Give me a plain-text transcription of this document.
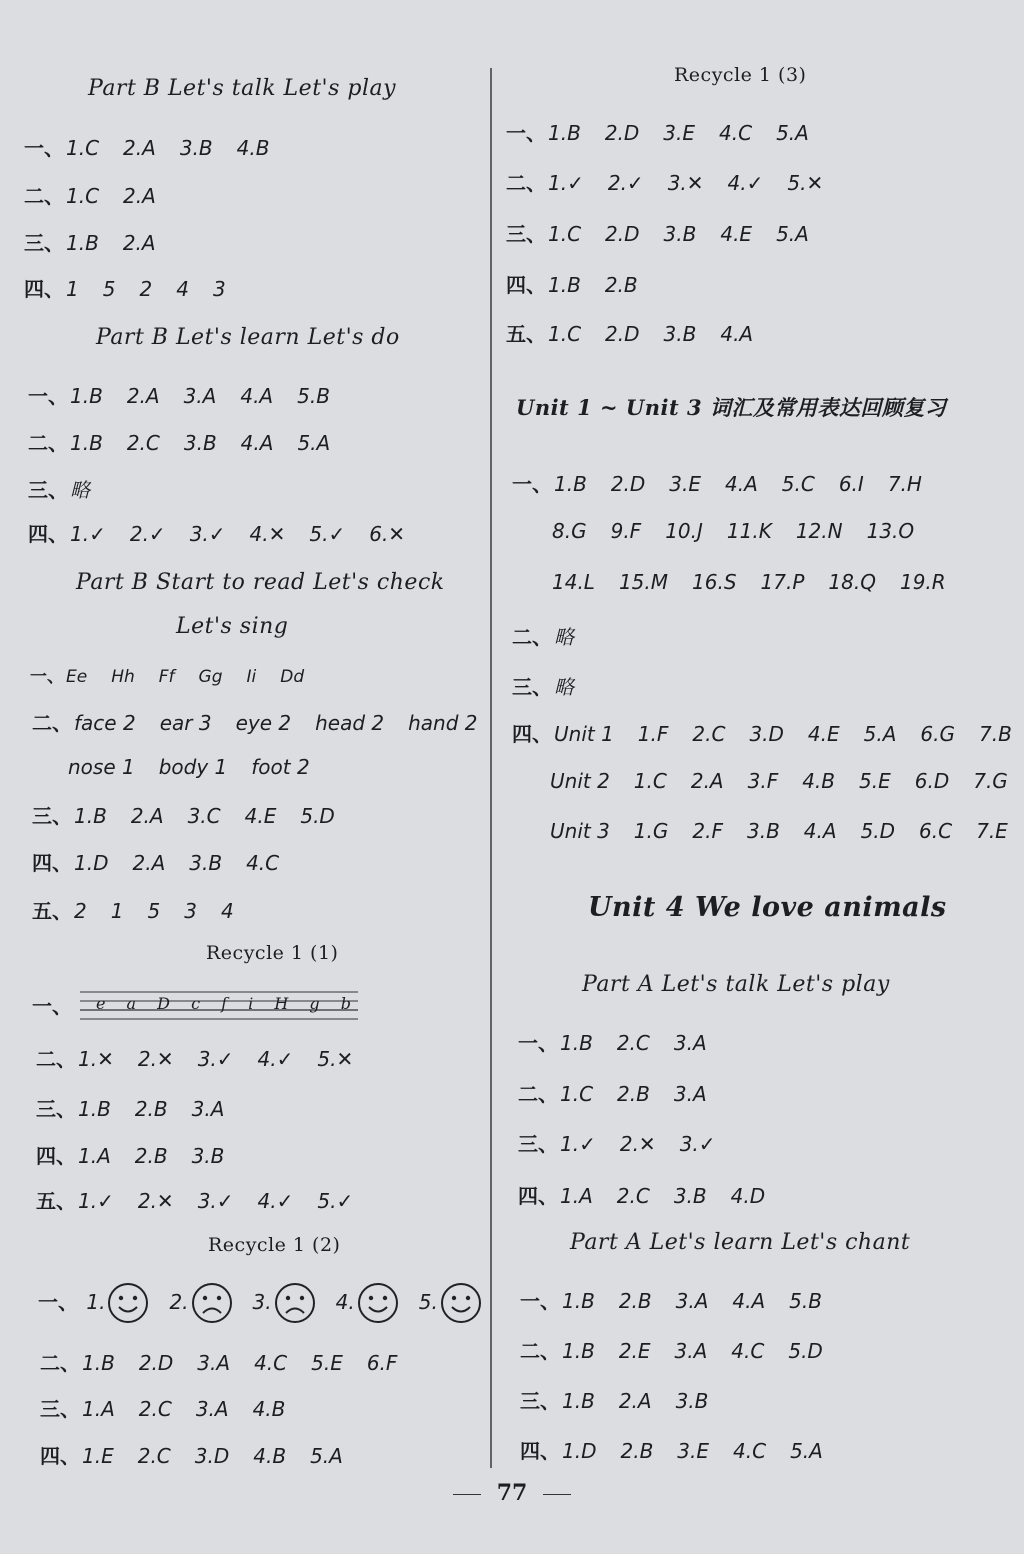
Part B Let's talk Let's play
一、 1.C 2.A 3.B 4.B
二、 1.C 2.A
三、 1.B 2.A
四、 1 5 2 4 3
Part B Let's learn Let's do
一、 1.B 2.A 3.A 4.A 5.B
二、 1.B 2.C 3.B 4.A 5.A
三、 略
四、 1.✓ 2.✓ 3.✓ 4.✕ 5.✓ 6.✕
Part B Start to read Let's check
Let's sing
一、 Ee Hh Ff Gg Ii Dd
二、 face 2 ear 3 eye 2 head 2 hand 2
nose 1 body 1 foot 2
三、 1.B 2.A 3.C 4.E 5.D
四、 1.D 2.A 3.B 4.C
五、 2 1 5 3 4
Recycle 1 (1)
一、 e a D c f i H g b
二、 1.✕ 2.✕ 3.✓ 4.✓ 5.✕
三、 1.B 2.B 3.A
四、 1.A 2.B 3.B
五、 1.✓ 2.✕ 3.✓ 4.✓ 5.✓
Recycle 1 (2)
一、 1.	2.	3.	4.	5.
二、 1.B 2.D 3.A 4.C 5.E 6.F
三、 1.A 2.C 3.A 4.B
四、 1.E 2.C 3.D 4.B 5.A
Recycle 1 (3)
一、 1.B 2.D 3.E 4.C 5.A
二、 1.✓ 2.✓ 3.✕ 4.✓ 5.✕
三、 1.C 2.D 3.B 4.E 5.A
四、 1.B 2.B
五、 1.C 2.D 3.B 4.A
Unit 1 ~ Unit 3 词汇及常用表达回顾复习
一、 1.B 2.D 3.E 4.A 5.C 6.I 7.H
8.G 9.F 10.J 11.K 12.N 13.O
14.L 15.M 16.S 17.P 18.Q 19.R
二、 略
三、 略
四、 Unit 1 1.F 2.C 3.D 4.E 5.A 6.G 7.B
Unit 2 1.C 2.A 3.F 4.B 5.E 6.D 7.G
Unit 3 1.G 2.F 3.B 4.A 5.D 6.C 7.E
Unit 4 We love animals
Part A Let's talk Let's play
一、 1.B 2.C 3.A
二、 1.C 2.B 3.A
三、 1.✓ 2.✕ 3.✓
四、 1.A 2.C 3.B 4.D
Part A Let's learn Let's chant
一、 1.B 2.B 3.A 4.A 5.B
二、 1.B 2.E 3.A 4.C 5.D
三、 1.B 2.A 3.B
四、 1.D 2.B 3.E 4.C 5.A
77
